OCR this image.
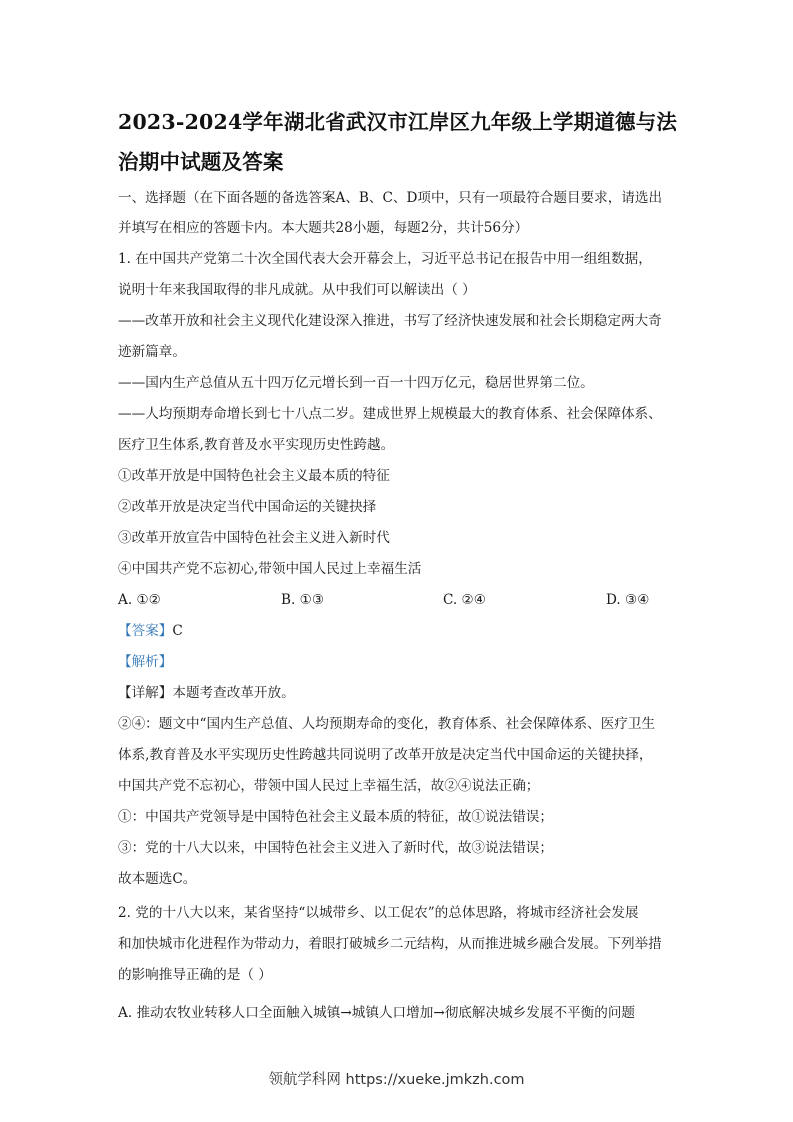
2023-2024学年湖北省武汉市江岸区九年级上学期道德与法
治期中试题及答案
一、选择题（在下面各题的备选答案A、B、C、D项中，只有一项最符合题目要求，请选出
并填写在相应的答题卡内。本大题共28小题，每题2分，共计56分）
1. 在中国共产党第二十次全国代表大会开幕会上，习近平总书记在报告中用一组组数据，
说明十年来我国取得的非凡成就。从中我们可以解读出（ ）
——改革开放和社会主义现代化建设深入推进，书写了经济快速发展和社会长期稳定两大奇
迹新篇章。
——国内生产总值从五十四万亿元增长到一百一十四万亿元，稳居世界第二位。
——人均预期寿命增长到七十八点二岁。建成世界上规模最大的教育体系、社会保障体系、
医疗卫生体系,教育普及水平实现历史性跨越。
①改革开放是中国特色社会主义最本质的特征
②改革开放是决定当代中国命运的关键抉择
③改革开放宣告中国特色社会主义进入新时代
④中国共产党不忘初心,带领中国人民过上幸福生活
A. ①②	B. ①③	C. ②④	D. ③④
【答案】C
【解析】
【详解】本题考查改革开放。
②④：题文中“国内生产总值、人均预期寿命的变化，教育体系、社会保障体系、医疗卫生
体系,教育普及水平实现历史性跨越共同说明了改革开放是决定当代中国命运的关键抉择，
中国共产党不忘初心，带领中国人民过上幸福生活，故②④说法正确；
①：中国共产党领导是中国特色社会主义最本质的特征，故①说法错误；
③：党的十八大以来，中国特色社会主义进入了新时代，故③说法错误；
故本题选C。
2. 党的十八大以来，某省坚持“以城带乡、以工促农”的总体思路，将城市经济社会发展
和加快城市化进程作为带动力，着眼打破城乡二元结构，从而推进城乡融合发展。下列举措
的影响推导正确的是（ ）
A. 推动农牧业转移人口全面触入城镇→城镇人口增加→彻底解决城乡发展不平衡的问题
领航学科网 https://xueke.jmkzh.com
